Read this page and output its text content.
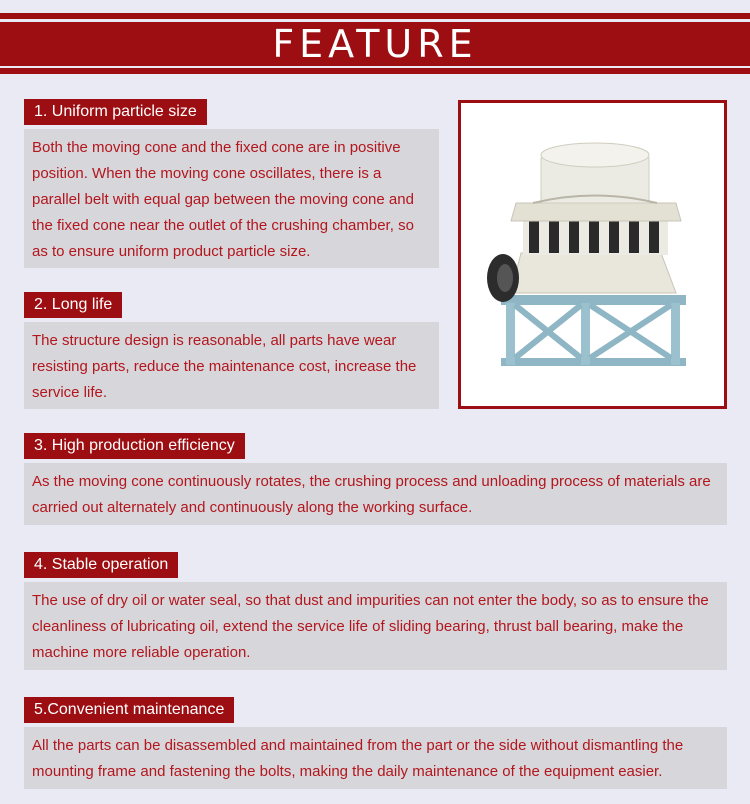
FEATURE
1. Uniform particle size
Both the moving cone and the fixed cone are in positive position. When the moving cone oscillates, there is a parallel belt with equal gap between the moving cone and the fixed cone near the outlet of the crushing chamber, so as to ensure uniform product particle size.
2. Long life
The structure design is reasonable, all parts have wear resisting parts, reduce the maintenance cost, increase the service life.
3. High production efficiency
As the moving cone continuously rotates, the crushing process and unloading process of materials are carried out alternately and continuously along the working surface.
4. Stable operation
The use of dry oil or water seal, so that dust and impurities can not enter the body, so as to ensure the cleanliness of lubricating oil, extend the service life of sliding bearing, thrust ball bearing, make the machine more reliable operation.
5.Convenient maintenance
All the parts can be disassembled and maintained from the part or the side without dismantling the mounting frame and fastening the bolts, making the daily maintenance of the equipment easier.
